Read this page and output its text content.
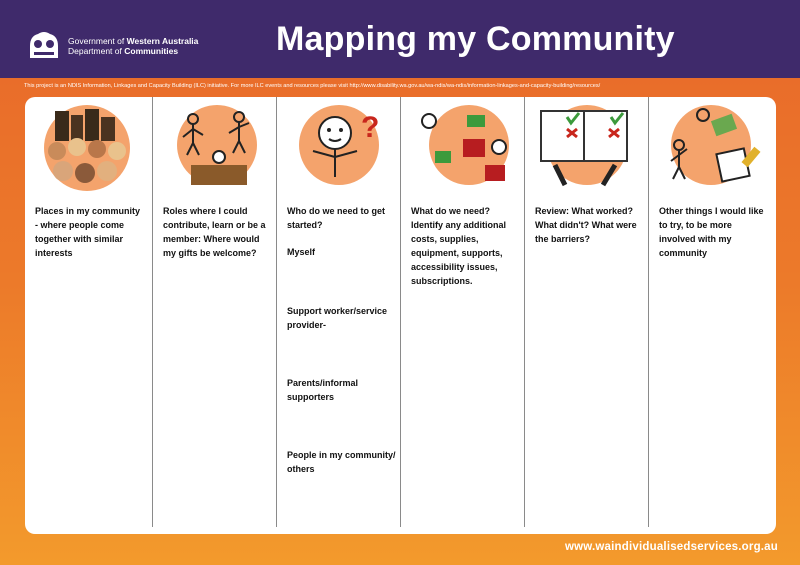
Government of Western Australia
Department of Communities	Mapping my Community
This project is an NDIS Information, Linkages and Capacity Building (ILC) initiative. For more ILC events and resources please visit http://www.disability.wa.gov.au/wa-ndis/wa-ndis/information-linkages-and-capacity-building/resources/
Places in my community - where people come together with similar interests
Roles where I could contribute, learn or be a member: Where would my gifts be welcome?
?
Who do we need to get started?
Myself
Support worker/service provider-
Parents/informal supporters
People in my community/ others
What do we need? Identify any additional costs, supplies, equipment, supports, accessibility issues, subscriptions.
Review: What worked? What didn't? What were the barriers?
Other things I would like to try, to be more involved with my community
www.waindividualisedservices.org.au
